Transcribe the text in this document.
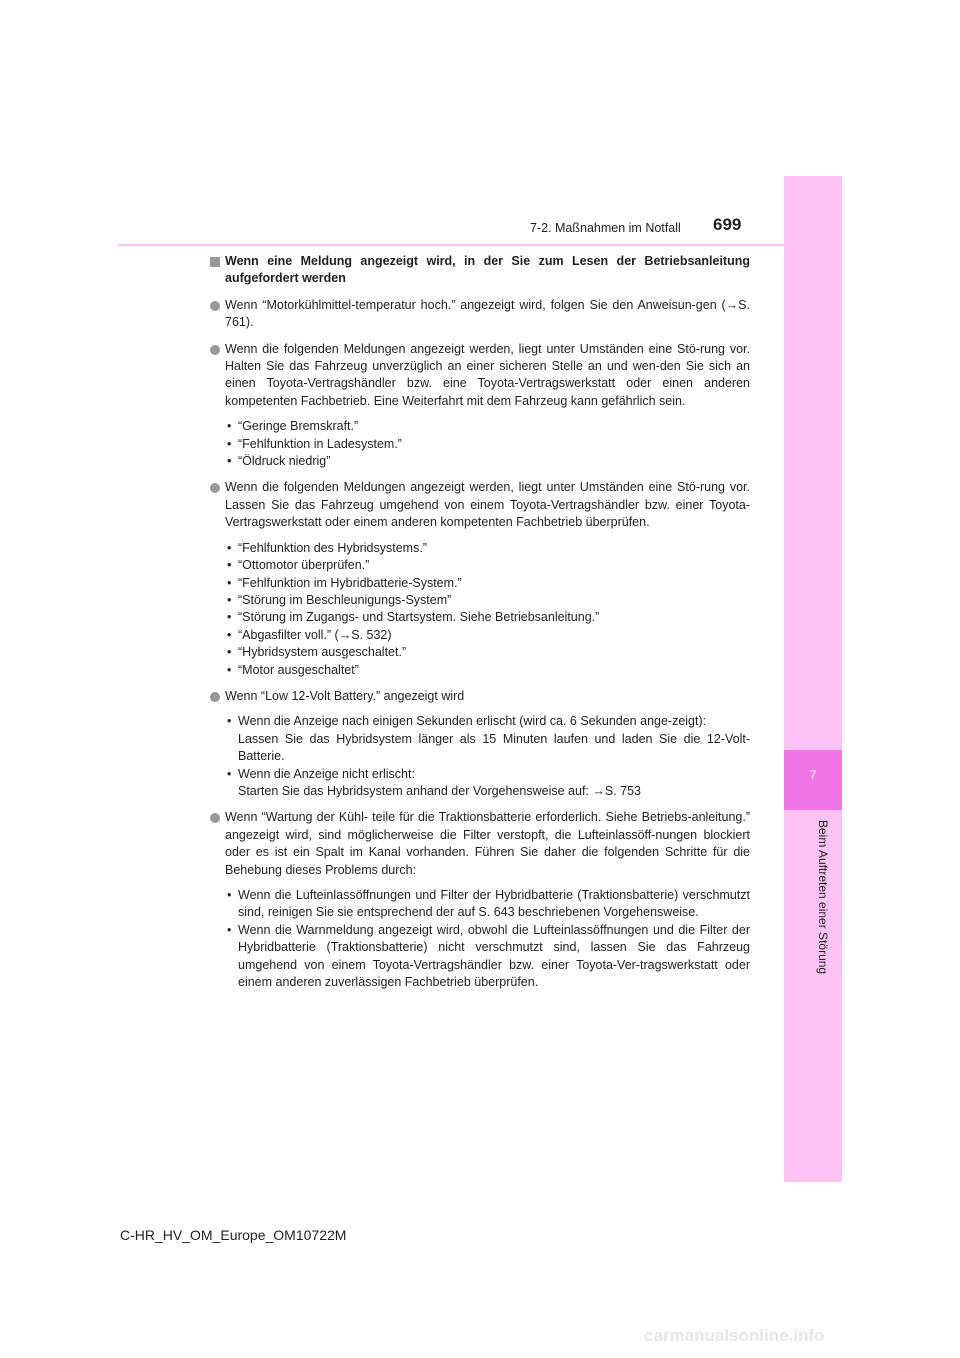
7
Beim Auftreten einer Störung
7-2. Maßnahmen im Notfall 699
Wenn eine Meldung angezeigt wird, in der Sie zum Lesen der Betriebsanleitung aufgefordert werden
Wenn “Motorkühlmittel-temperatur hoch.” angezeigt wird, folgen Sie den Anweisun-gen (→S. 761).
Wenn die folgenden Meldungen angezeigt werden, liegt unter Umständen eine Stö-rung vor. Halten Sie das Fahrzeug unverzüglich an einer sicheren Stelle an und wen-den Sie sich an einen Toyota-Vertragshändler bzw. eine Toyota-Vertragswerkstatt oder einen anderen kompetenten Fachbetrieb. Eine Weiterfahrt mit dem Fahrzeug kann gefährlich sein.
• “Geringe Bremskraft.”
• “Fehlfunktion in Ladesystem.”
• “Öldruck niedrig”
Wenn die folgenden Meldungen angezeigt werden, liegt unter Umständen eine Stö-rung vor. Lassen Sie das Fahrzeug umgehend von einem Toyota-Vertragshändler bzw. einer Toyota-Vertragswerkstatt oder einem anderen kompetenten Fachbetrieb überprüfen.
• “Fehlfunktion des Hybridsystems.”
• “Ottomotor überprüfen.”
• “Fehlfunktion im Hybridbatterie-System.”
• “Störung im Beschleunigungs-System”
• “Störung im Zugangs- und Startsystem. Siehe Betriebsanleitung.”
• “Abgasfilter voll.” (→S. 532)
• “Hybridsystem ausgeschaltet.”
• “Motor ausgeschaltet”
Wenn “Low 12-Volt Battery.” angezeigt wird
• Wenn die Anzeige nach einigen Sekunden erlischt (wird ca. 6 Sekunden ange-zeigt):
Lassen Sie das Hybridsystem länger als 15 Minuten laufen und laden Sie die 12-Volt-Batterie.
• Wenn die Anzeige nicht erlischt:
Starten Sie das Hybridsystem anhand der Vorgehensweise auf: →S. 753
Wenn “Wartung der Kühl- teile für die Traktionsbatterie erforderlich. Siehe Betriebs-anleitung.” angezeigt wird, sind möglicherweise die Filter verstopft, die Lufteinlassöff-nungen blockiert oder es ist ein Spalt im Kanal vorhanden. Führen Sie daher die folgenden Schritte für die Behebung dieses Problems durch:
• Wenn die Lufteinlassöffnungen und Filter der Hybridbatterie (Traktionsbatterie) verschmutzt sind, reinigen Sie sie entsprechend der auf S. 643 beschriebenen Vorgehensweise.
• Wenn die Warnmeldung angezeigt wird, obwohl die Lufteinlassöffnungen und die Filter der Hybridbatterie (Traktionsbatterie) nicht verschmutzt sind, lassen Sie das Fahrzeug umgehend von einem Toyota-Vertragshändler bzw. einer Toyota-Ver-tragswerkstatt oder einem anderen zuverlässigen Fachbetrieb überprüfen.
C-HR_HV_OM_Europe_OM10722M
carmanualsonline.info
